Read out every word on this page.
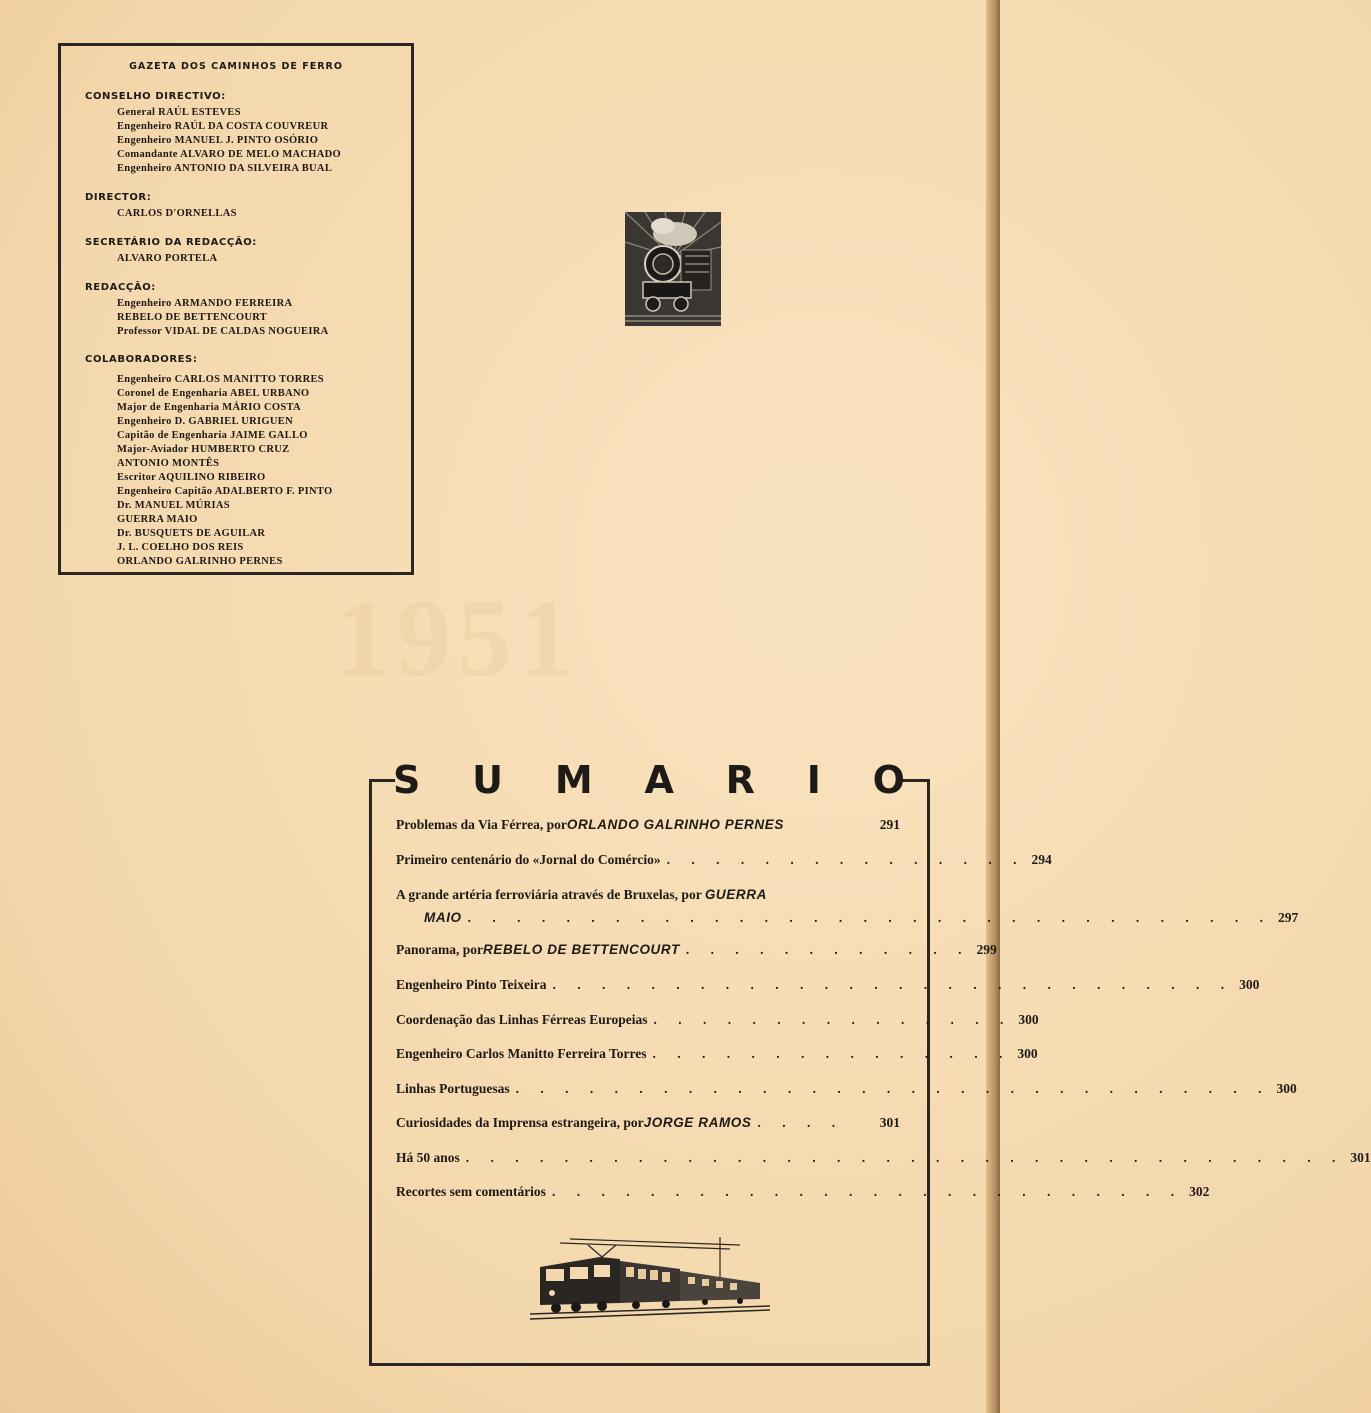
GAZETA DOS CAMINHOS DE FERRO
CONSELHO DIRECTIVO:
General RAÚL ESTEVES
Engenheiro RAÚL DA COSTA COUVREUR
Engenheiro MANUEL J. PINTO OSÓRIO
Comandante ALVARO DE MELO MACHADO
Engenheiro ANTONIO DA SILVEIRA BUAL
DIRECTOR:
CARLOS D'ORNELLAS
SECRETÁRIO DA REDACÇÃO:
ALVARO PORTELA
REDACÇÃO:
Engenheiro ARMANDO FERREIRA
REBELO DE BETTENCOURT
Professor VIDAL DE CALDAS NOGUEIRA
COLABORADORES:
Engenheiro CARLOS MANITTO TORRES
Coronel de Engenharia ABEL URBANO
Major de Engenharia MÁRIO COSTA
Engenheiro D. GABRIEL URIGUEN
Capitão de Engenharia JAIME GALLO
Major-Aviador HUMBERTO CRUZ
ANTONIO MONTÊS
Escritor AQUILINO RIBEIRO
Engenheiro Capitão ADALBERTO F. PINTO
Dr. MANUEL MÚRIAS
GUERRA MAIO
Dr. BUSQUETS DE AGUILAR
J. L. COELHO DOS REIS
ORLANDO GALRINHO PERNES
1951
S U M A R I O
Problemas da Via Férrea, por ORLANDO GALRINHO PERNES	291
Primeiro centenário do «Jornal do Comércio» . . . . . . . . . . . . . . . 294
A grande artéria ferroviária através de Bruxelas, por GUERRA
MAIO . . . . . . . . . . . . . . . . . . . . . . . . . . . . . . . . . 297
Panorama, por REBELO DE BETTENCOURT . . . . . . . . . . . . 299
Engenheiro Pinto Teixeira . . . . . . . . . . . . . . . . . . . . . . . . . . . . 300
Coordenação das Linhas Férreas Europeias . . . . . . . . . . . . . . . 300
Engenheiro Carlos Manitto Ferreira Torres . . . . . . . . . . . . . . . 300
Linhas Portuguesas . . . . . . . . . . . . . . . . . . . . . . . . . . . . . . . 300
Curiosidades da Imprensa estrangeira, por JORGE RAMOS . . . .	301
Há 50 anos . . . . . . . . . . . . . . . . . . . . . . . . . . . . . . . . . . . . 301
Recortes sem comentários . . . . . . . . . . . . . . . . . . . . . . . . . . 302
